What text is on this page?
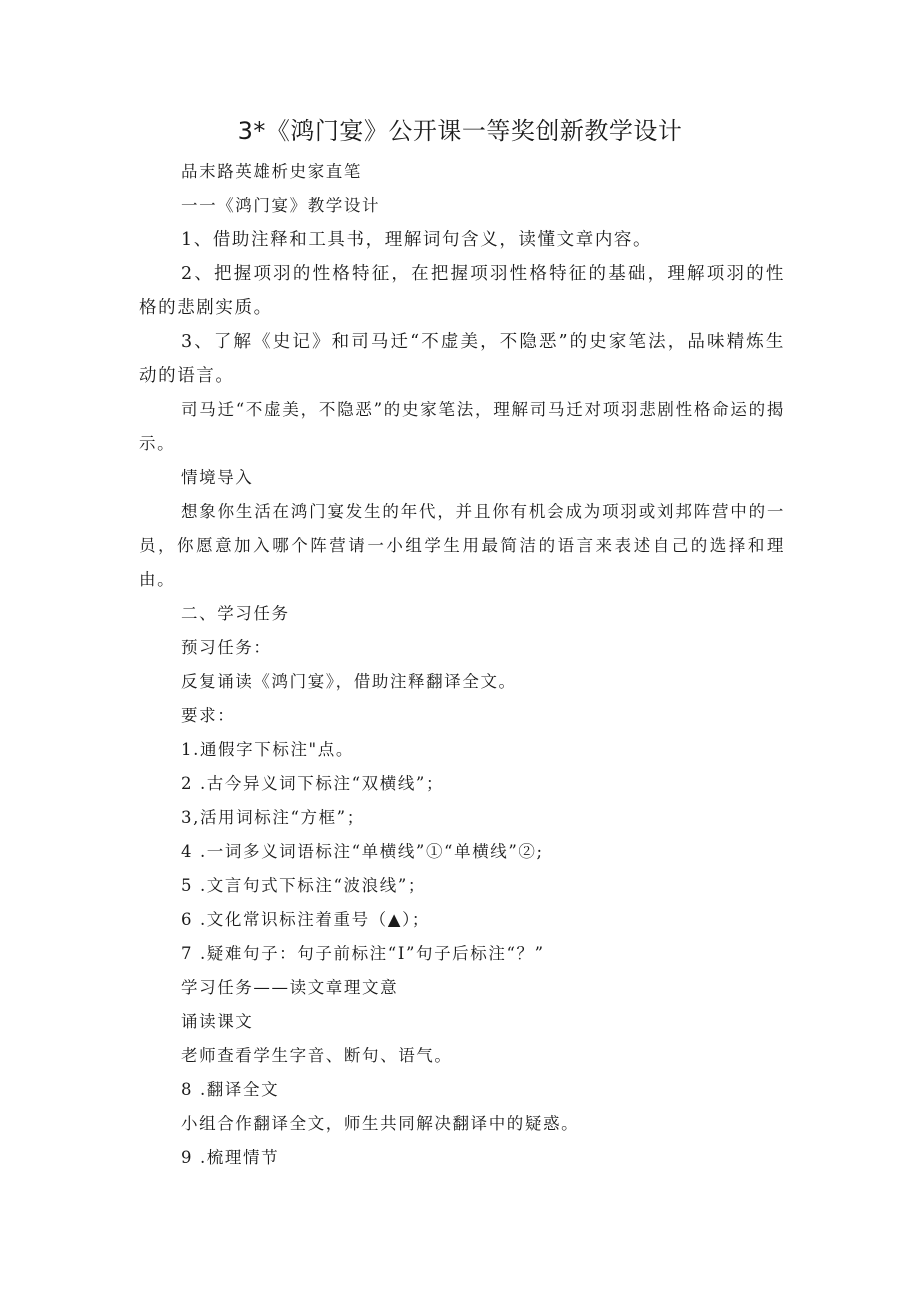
3*《鸿门宴》公开课一等奖创新教学设计

品末路英雄析史家直笔

一一《鸿门宴》教学设计

1、借助注释和工具书，理解词句含义，读懂文章内容。

2、把握项羽的性格特征，在把握项羽性格特征的基础，理解项羽的性格的悲剧实质。

3、了解《史记》和司马迁“不虚美，不隐恶”的史家笔法，品味精炼生动的语言。

司马迁“不虚美，不隐恶”的史家笔法，理解司马迁对项羽悲剧性格命运的揭示。

情境导入

想象你生活在鸿门宴发生的年代，并且你有机会成为项羽或刘邦阵营中的一员，你愿意加入哪个阵营请一小组学生用最简洁的语言来表述自己的选择和理由。

二、学习任务

预习任务：

反复诵读《鸿门宴》，借助注释翻译全文。

要求：

1.通假字下标注"点。

2 .古今异义词下标注“双横线”；

3,活用词标注“方框”；

4 .一词多义词语标注“单横线”①“单横线”②;

5 .文言句式下标注“波浪线”；

6 .文化常识标注着重号（▲）；

7 .疑难句子：句子前标注“I”句子后标注“？”

学习任务——读文章理文意

诵读课文

老师查看学生字音、断句、语气。

8 .翻译全文

小组合作翻译全文，师生共同解决翻译中的疑惑。

9 .梳理情节
